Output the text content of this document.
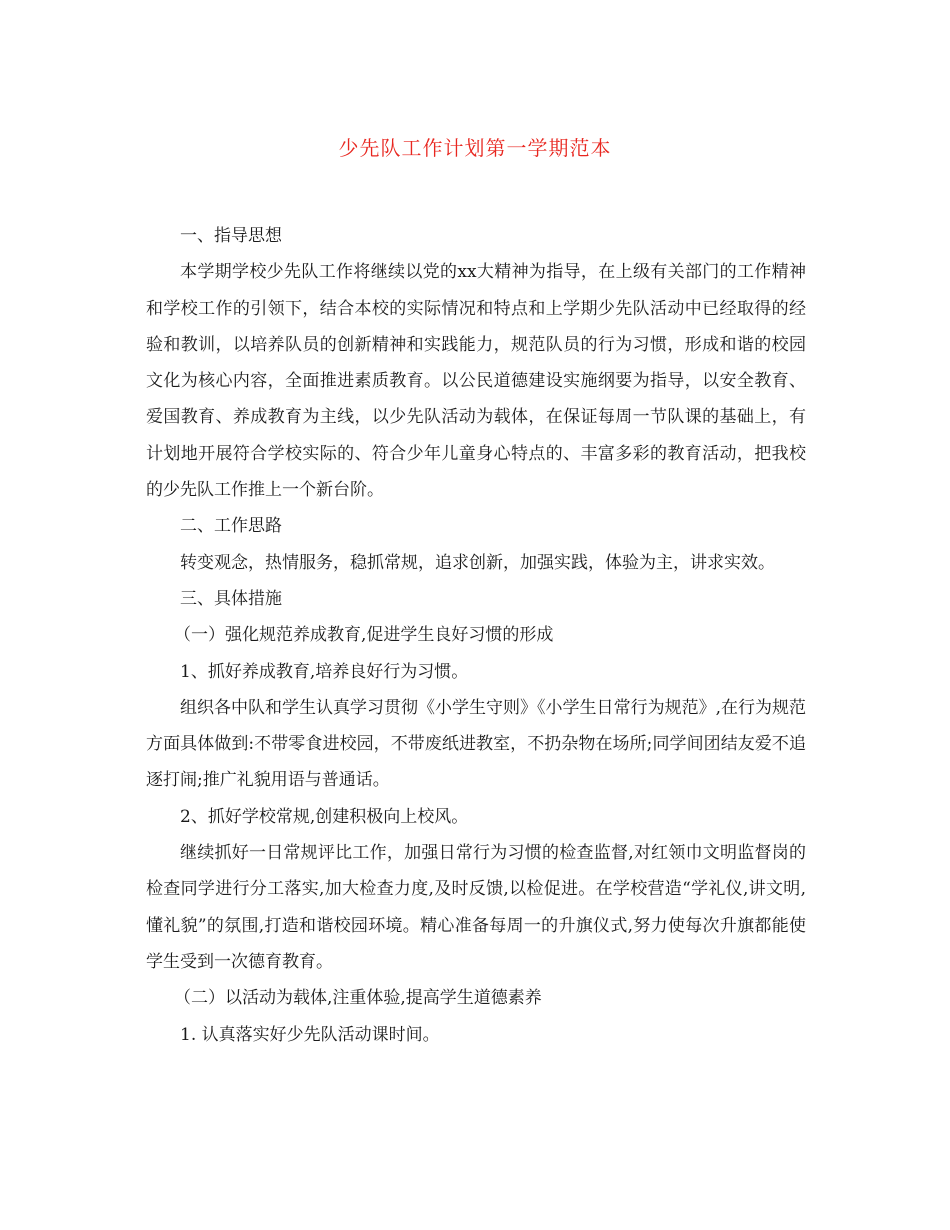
少先队工作计划第一学期范本

一、指导思想

本学期学校少先队工作将继续以党的xx大精神为指导，在上级有关部门的工作精神和学校工作的引领下，结合本校的实际情况和特点和上学期少先队活动中已经取得的经验和教训，以培养队员的创新精神和实践能力，规范队员的行为习惯，形成和谐的校园文化为核心内容，全面推进素质教育。以公民道德建设实施纲要为指导，以安全教育、爱国教育、养成教育为主线，以少先队活动为载体，在保证每周一节队课的基础上，有计划地开展符合学校实际的、符合少年儿童身心特点的、丰富多彩的教育活动，把我校的少先队工作推上一个新台阶。

二、工作思路

转变观念，热情服务，稳抓常规，追求创新，加强实践，体验为主，讲求实效。

三、具体措施

（一）强化规范养成教育,促进学生良好习惯的形成

1、抓好养成教育,培养良好行为习惯。

组织各中队和学生认真学习贯彻《小学生守则》《小学生日常行为规范》,在行为规范方面具体做到:不带零食进校园，不带废纸进教室，不扔杂物在场所;同学间团结友爱不追逐打闹;推广礼貌用语与普通话。

2、抓好学校常规,创建积极向上校风。

继续抓好一日常规评比工作，加强日常行为习惯的检查监督,对红领巾文明监督岗的检查同学进行分工落实,加大检查力度,及时反馈,以检促进。在学校营造“学礼仪,讲文明,懂礼貌”的氛围,打造和谐校园环境。精心准备每周一的升旗仪式,努力使每次升旗都能使学生受到一次德育教育。

（二）以活动为载体,注重体验,提高学生道德素养

1. 认真落实好少先队活动课时间。
